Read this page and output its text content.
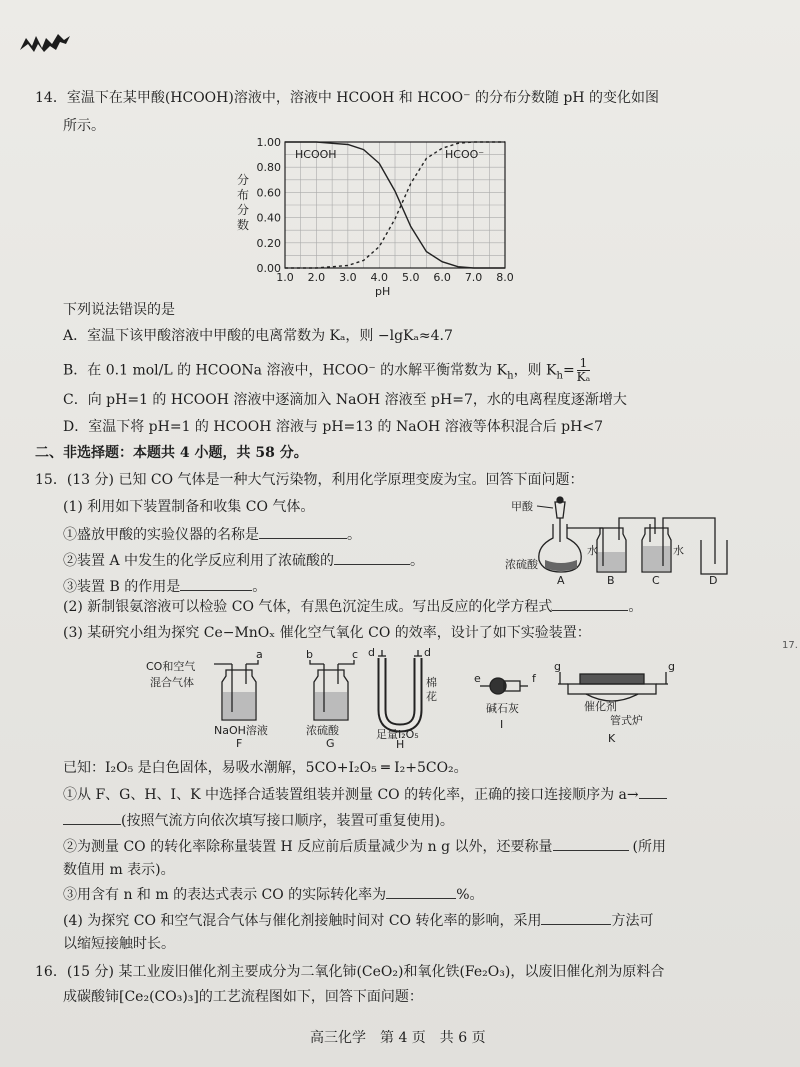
14．室温下在某甲酸(HCOOH)溶液中，溶液中 HCOOH 和 HCOO⁻ 的分布分数随 pH 的变化如图
所示。
1.0 2.0 3.0 4.0 5.0 6.0 7.0 8.0
0.00
0.20
0.40
0.60
0.80
1.00
pH
分
布
分
数
HCOOH	HCOO⁻
下列说法错误的是
A．室温下该甲酸溶液中甲酸的电离常数为 Kₐ，则 −lgKₐ≈4.7
B．在 0.1 mol/L 的 HCOONa 溶液中，HCOO⁻ 的水解平衡常数为 $K_h$，则 $K_h= \frac{1}{\text{Kₐ}}$
C．向 pH=1 的 HCOOH 溶液中逐滴加入 NaOH 溶液至 pH=7，水的电离程度逐渐增大
D．室温下将 pH=1 的 HCOOH 溶液与 pH=13 的 NaOH 溶液等体积混合后 pH<7
二、非选择题：本题共 4 小题，共 58 分。
15．(13 分) 已知 CO 气体是一种大气污染物，利用化学原理变废为宝。回答下面问题：
(1) 利用如下装置制备和收集 CO 气体。
①盛放甲酸的实验仪器的名称是	。
②装置 A 中发生的化学反应利用了浓硫酸的	。
③装置 B 的作用是	。
甲酸
浓硫酸
水	水
A	B	C	D
(2) 新制银氨溶液可以检验 CO 气体，有黑色沉淀生成。写出反应的化学方程式	。
(3) 某研究小组为探究 Ce−MnOₓ 催化空气氧化 CO 的效率，设计了如下实验装置：
17.
CO和空气
混合气体
a	b	c d	d
e	f
g	g
NaOH溶液
F
浓硫酸
G
棉
花
足量I₂O₅
H
碱石灰
I
催化剂
管式炉
K
已知：I₂O₅ 是白色固体，易吸水潮解，5CO+I₂O₅ ═ I₂+5CO₂。
①从 F、G、H、I、K 中选择合适装置组装并测量 CO 的转化率，正确的接口连接顺序为 a→
(按照气流方向依次填写接口顺序，装置可重复使用)。
②为测量 CO 的转化率除称量装置 H 反应前后质量减少为 n g 以外，还要称量	(所用
数值用 m 表示)。
③用含有 n 和 m 的表达式表示 CO 的实际转化率为	%。
(4) 为探究 CO 和空气混合气体与催化剂接触时间对 CO 转化率的影响，采用	方法可
以缩短接触时长。
16．(15 分) 某工业废旧催化剂主要成分为二氧化铈(CeO₂)和氧化铁(Fe₂O₃)，以废旧催化剂为原料合
成碳酸铈[Ce₂(CO₃)₃]的工艺流程图如下，回答下面问题：
高三化学　第 4 页　共 6 页
